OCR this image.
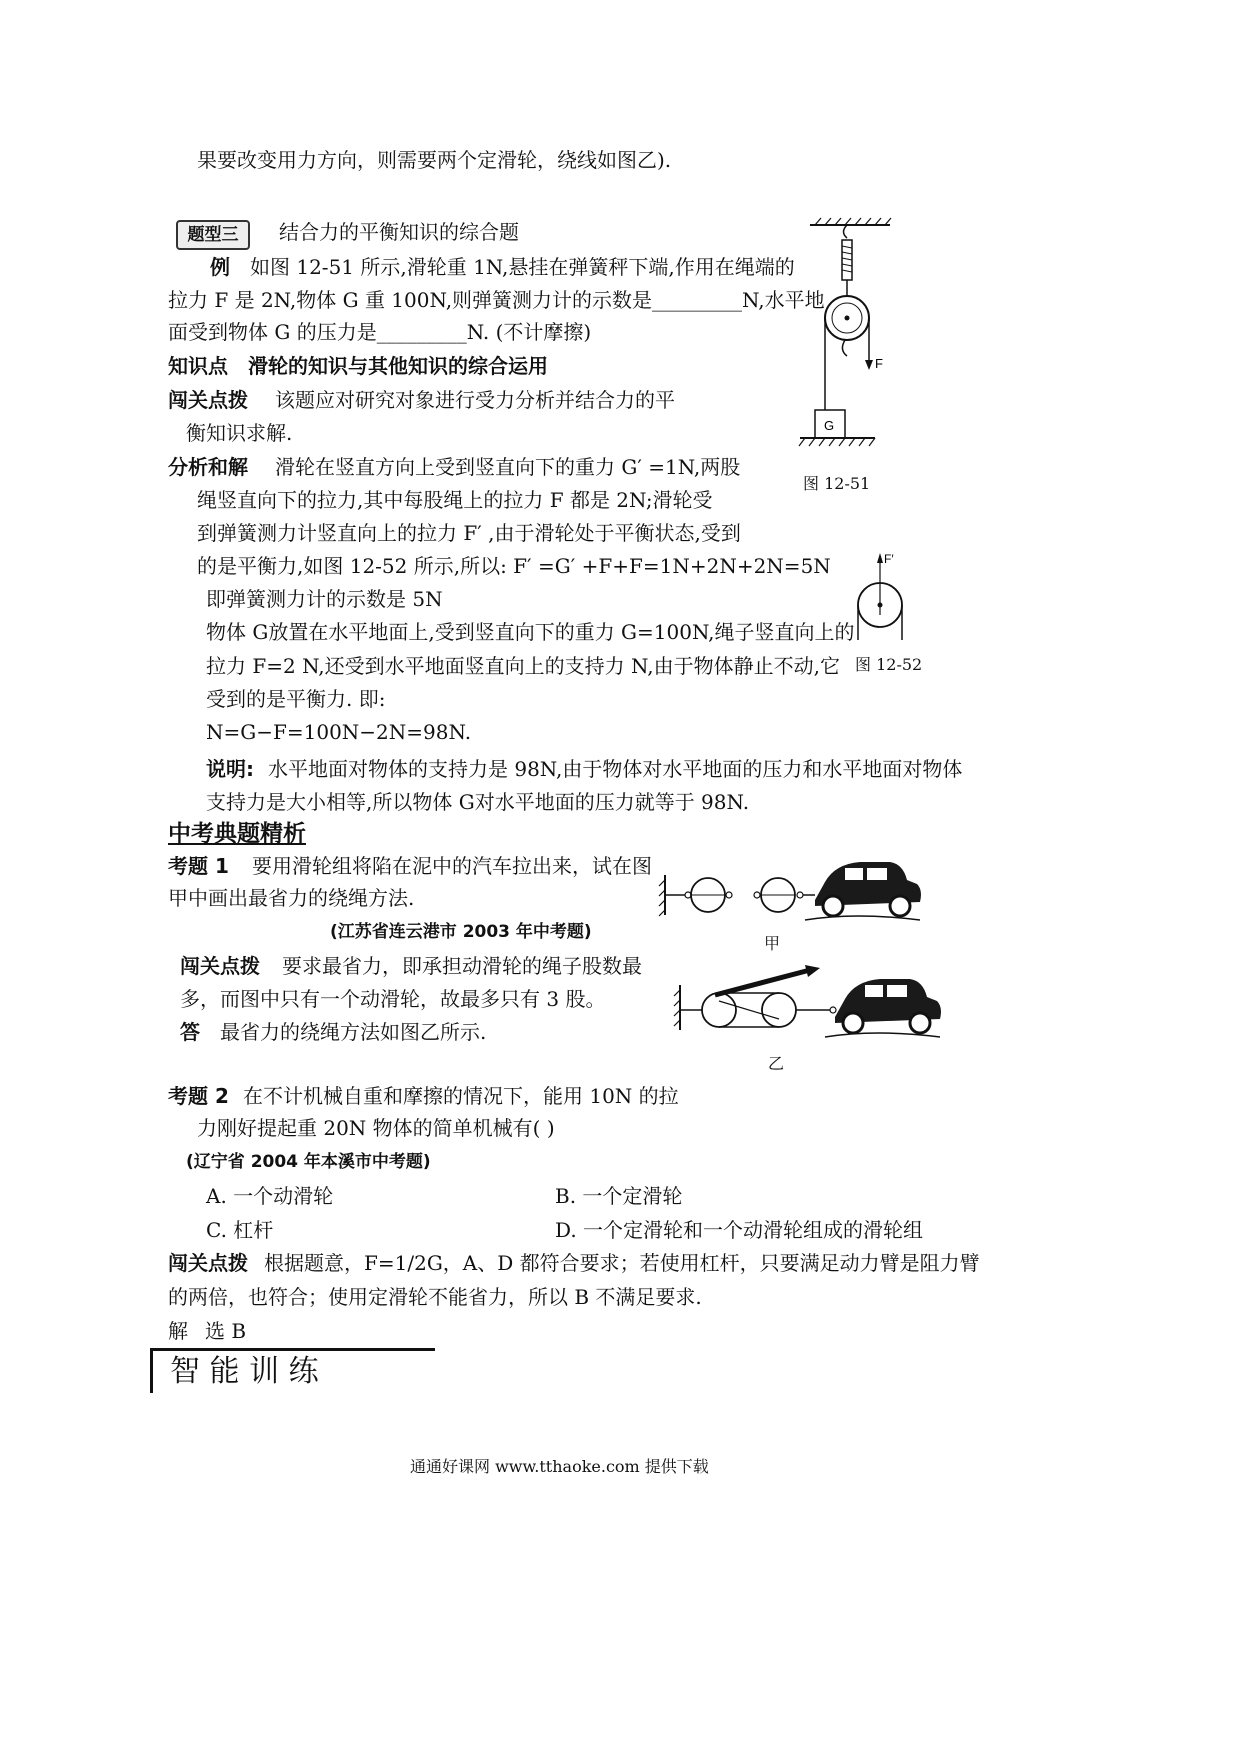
果要改变用力方向，则需要两个定滑轮，绕线如图乙).
题型三	结合力的平衡知识的综合题
例 如图 12-51 所示,滑轮重 1N,悬挂在弹簧秤下端,作用在绳端的
拉力 F 是 2N,物体 G 重 100N,则弹簧测力计的示数是_________N,水平地
面受到物体 G 的压力是_________N. (不计摩擦)
知识点 滑轮的知识与其他知识的综合运用
闯关点拨 该题应对研究对象进行受力分析并结合力的平
衡知识求解.
分析和解 滑轮在竖直方向上受到竖直向下的重力 G′ =1N,两股
绳竖直向下的拉力,其中每股绳上的拉力 F 都是 2N;滑轮受
到弹簧测力计竖直向上的拉力 F′ ,由于滑轮处于平衡状态,受到
的是平衡力,如图 12-52 所示,所以: F′ =G′ +F+F=1N+2N+2N=5N
即弹簧测力计的示数是 5N
物体 G放置在水平地面上,受到竖直向下的重力 G=100N,绳子竖直向上的
拉力 F=2 N,还受到水平地面竖直向上的支持力 N,由于物体静止不动,它
受到的是平衡力. 即:
N=G−F=100N−2N=98N.
说明: 水平地面对物体的支持力是 98N,由于物体对水平地面的压力和水平地面对物体
支持力是大小相等,所以物体 G对水平地面的压力就等于 98N.
F
G
图 12-51
F′
图 12-52
中考典题精析
考题 1 要用滑轮组将陷在泥中的汽车拉出来，试在图
甲中画出最省力的绕绳方法.
(江苏省连云港市 2003 年中考题)
闯关点拨 要求最省力，即承担动滑轮的绳子股数最
多，而图中只有一个动滑轮，故最多只有 3 股。
答 最省力的绕绳方法如图乙所示.
甲
乙
考题 2 在不计机械自重和摩擦的情况下，能用 10N 的拉
力刚好提起重 20N 物体的简单机械有( )
(辽宁省 2004 年本溪市中考题)
A. 一个动滑轮	B. 一个定滑轮
C. 杠杆	D. 一个定滑轮和一个动滑轮组成的滑轮组
闯关点拨 根据题意，F=1/2G，A、D 都符合要求；若使用杠杆，只要满足动力臂是阻力臂
的两倍，也符合；使用定滑轮不能省力，所以 B 不满足要求.
解 选 B
智 能 训 练
通通好课网 www.tthaoke.com 提供下载
